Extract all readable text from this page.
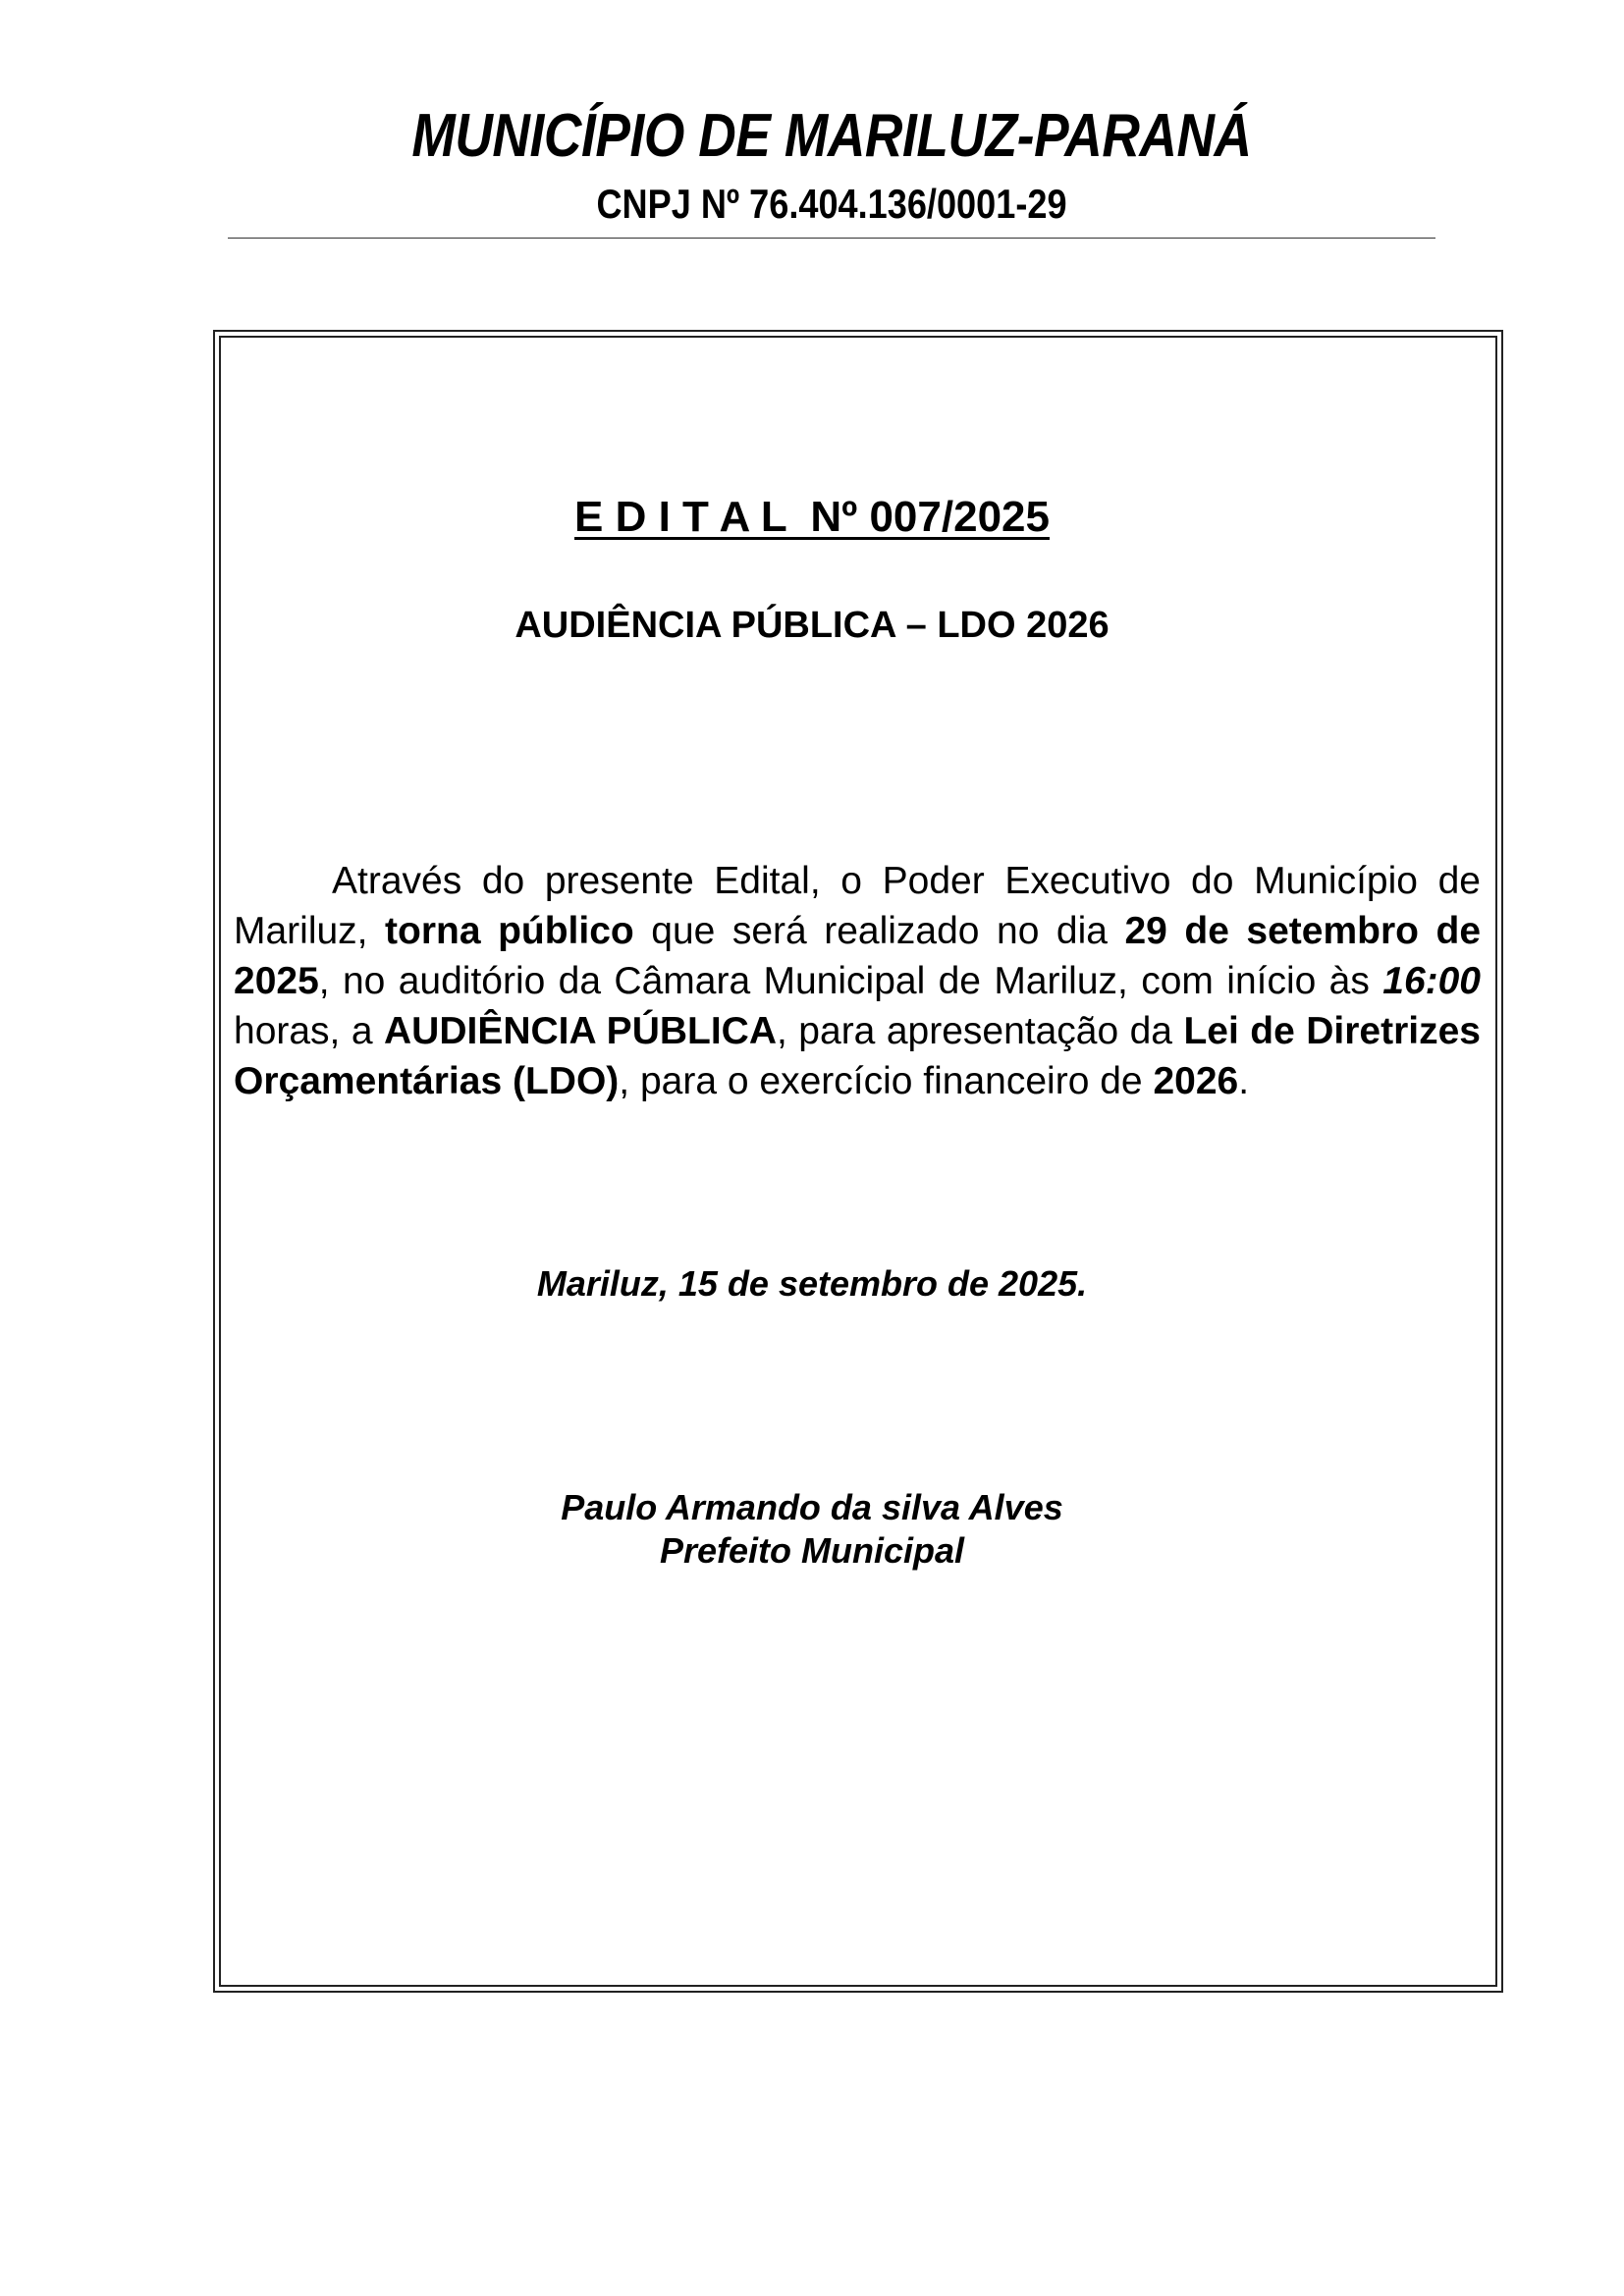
MUNICÍPIO DE MARILUZ-PARANÁ
CNPJ Nº 76.404.136/0001-29
E D I T A L  Nº 007/2025
AUDIÊNCIA PÚBLICA – LDO 2026

Através do presente Edital, o Poder Executivo do Município de Mariluz, torna público que será realizado no dia 29 de setembro de 2025, no auditório da Câmara Municipal de Mariluz, com início às 16:00 horas, a AUDIÊNCIA PÚBLICA, para apresentação da Lei de Diretrizes Orçamentárias (LDO), para o exercício financeiro de 2026.

Mariluz, 15 de setembro de 2025.
Paulo Armando da silva Alves
Prefeito Municipal
